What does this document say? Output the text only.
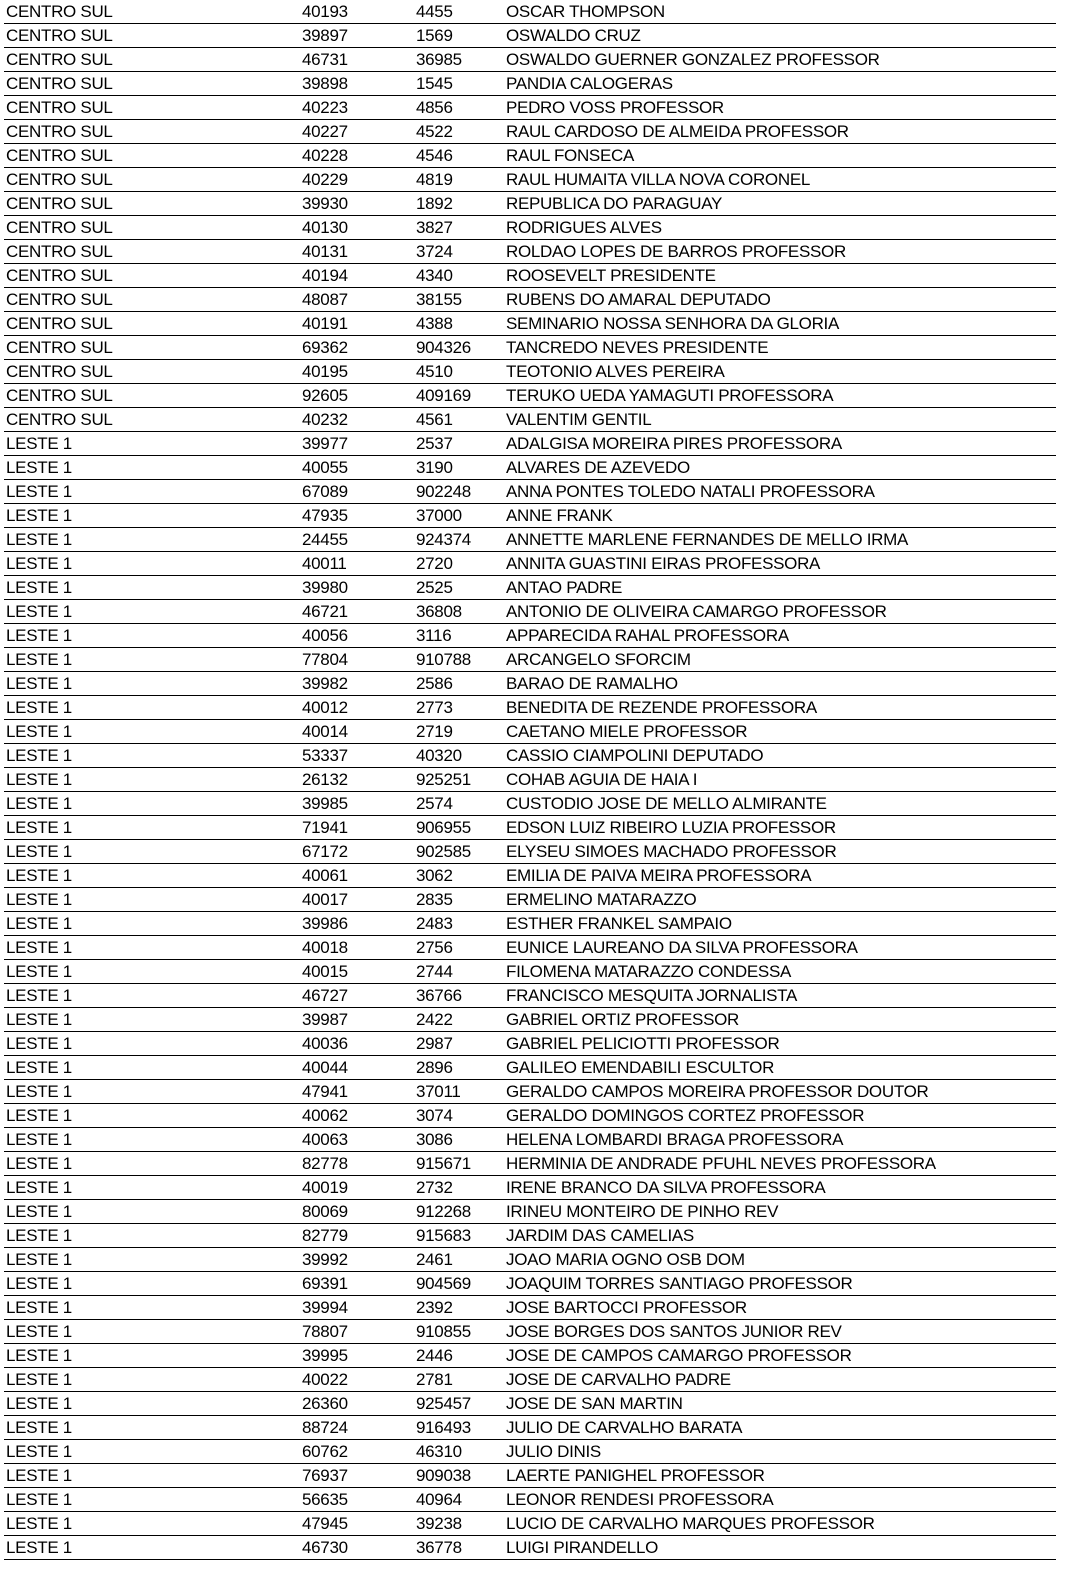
CENTRO SUL	40193	4455	OSCAR THOMPSON
CENTRO SUL	39897	1569	OSWALDO CRUZ
CENTRO SUL	46731	36985	OSWALDO GUERNER GONZALEZ PROFESSOR
CENTRO SUL	39898	1545	PANDIA CALOGERAS
CENTRO SUL	40223	4856	PEDRO VOSS PROFESSOR
CENTRO SUL	40227	4522	RAUL CARDOSO DE ALMEIDA PROFESSOR
CENTRO SUL	40228	4546	RAUL FONSECA
CENTRO SUL	40229	4819	RAUL HUMAITA VILLA NOVA CORONEL
CENTRO SUL	39930	1892	REPUBLICA DO PARAGUAY
CENTRO SUL	40130	3827	RODRIGUES ALVES
CENTRO SUL	40131	3724	ROLDAO LOPES DE BARROS PROFESSOR
CENTRO SUL	40194	4340	ROOSEVELT PRESIDENTE
CENTRO SUL	48087	38155	RUBENS DO AMARAL DEPUTADO
CENTRO SUL	40191	4388	SEMINARIO NOSSA SENHORA DA GLORIA
CENTRO SUL	69362	904326	TANCREDO NEVES PRESIDENTE
CENTRO SUL	40195	4510	TEOTONIO ALVES PEREIRA
CENTRO SUL	92605	409169	TERUKO UEDA YAMAGUTI PROFESSORA
CENTRO SUL	40232	4561	VALENTIM GENTIL
LESTE 1	39977	2537	ADALGISA MOREIRA PIRES PROFESSORA
LESTE 1	40055	3190	ALVARES DE AZEVEDO
LESTE 1	67089	902248	ANNA PONTES TOLEDO NATALI PROFESSORA
LESTE 1	47935	37000	ANNE FRANK
LESTE 1	24455	924374	ANNETTE MARLENE FERNANDES DE MELLO IRMA
LESTE 1	40011	2720	ANNITA GUASTINI EIRAS PROFESSORA
LESTE 1	39980	2525	ANTAO PADRE
LESTE 1	46721	36808	ANTONIO DE OLIVEIRA CAMARGO PROFESSOR
LESTE 1	40056	3116	APPARECIDA RAHAL PROFESSORA
LESTE 1	77804	910788	ARCANGELO SFORCIM
LESTE 1	39982	2586	BARAO DE RAMALHO
LESTE 1	40012	2773	BENEDITA DE REZENDE PROFESSORA
LESTE 1	40014	2719	CAETANO MIELE PROFESSOR
LESTE 1	53337	40320	CASSIO CIAMPOLINI DEPUTADO
LESTE 1	26132	925251	COHAB AGUIA DE HAIA I
LESTE 1	39985	2574	CUSTODIO JOSE DE MELLO ALMIRANTE
LESTE 1	71941	906955	EDSON LUIZ RIBEIRO LUZIA PROFESSOR
LESTE 1	67172	902585	ELYSEU SIMOES MACHADO PROFESSOR
LESTE 1	40061	3062	EMILIA DE PAIVA MEIRA PROFESSORA
LESTE 1	40017	2835	ERMELINO MATARAZZO
LESTE 1	39986	2483	ESTHER FRANKEL SAMPAIO
LESTE 1	40018	2756	EUNICE LAUREANO DA SILVA PROFESSORA
LESTE 1	40015	2744	FILOMENA MATARAZZO CONDESSA
LESTE 1	46727	36766	FRANCISCO MESQUITA JORNALISTA
LESTE 1	39987	2422	GABRIEL ORTIZ PROFESSOR
LESTE 1	40036	2987	GABRIEL PELICIOTTI PROFESSOR
LESTE 1	40044	2896	GALILEO EMENDABILI ESCULTOR
LESTE 1	47941	37011	GERALDO CAMPOS MOREIRA PROFESSOR DOUTOR
LESTE 1	40062	3074	GERALDO DOMINGOS CORTEZ PROFESSOR
LESTE 1	40063	3086	HELENA LOMBARDI BRAGA PROFESSORA
LESTE 1	82778	915671	HERMINIA DE ANDRADE PFUHL NEVES PROFESSORA
LESTE 1	40019	2732	IRENE BRANCO DA SILVA PROFESSORA
LESTE 1	80069	912268	IRINEU MONTEIRO DE PINHO REV
LESTE 1	82779	915683	JARDIM DAS CAMELIAS
LESTE 1	39992	2461	JOAO MARIA OGNO OSB DOM
LESTE 1	69391	904569	JOAQUIM TORRES SANTIAGO PROFESSOR
LESTE 1	39994	2392	JOSE BARTOCCI PROFESSOR
LESTE 1	78807	910855	JOSE BORGES DOS SANTOS JUNIOR REV
LESTE 1	39995	2446	JOSE DE CAMPOS CAMARGO PROFESSOR
LESTE 1	40022	2781	JOSE DE CARVALHO PADRE
LESTE 1	26360	925457	JOSE DE SAN MARTIN
LESTE 1	88724	916493	JULIO DE CARVALHO BARATA
LESTE 1	60762	46310	JULIO DINIS
LESTE 1	76937	909038	LAERTE PANIGHEL PROFESSOR
LESTE 1	56635	40964	LEONOR RENDESI PROFESSORA
LESTE 1	47945	39238	LUCIO DE CARVALHO MARQUES PROFESSOR
LESTE 1	46730	36778	LUIGI PIRANDELLO
